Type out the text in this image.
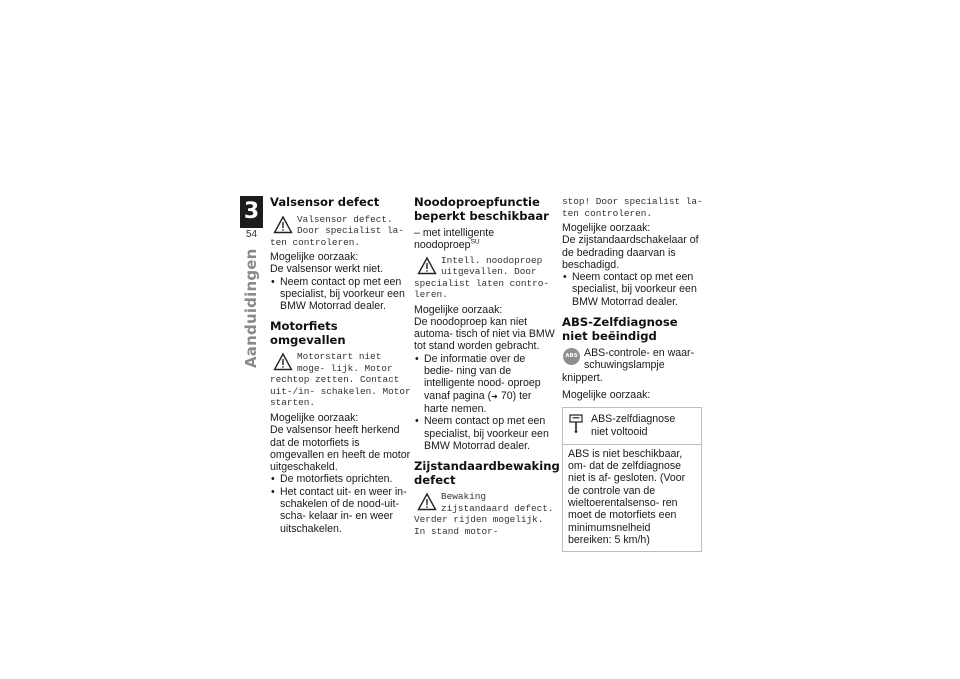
3
54
Aanduidingen
Valsensor defect
Valsensor defect. Door specialist la- ten controleren.

Mogelijke oorzaak:

De valsensor werkt niet.

• Neem contact op met een specialist, bij voorkeur een BMW Motorrad dealer.
Motorfiets omgevallen
Motorstart niet moge- lijk. Motor rechtop zetten. Contact uit-/in- schakelen. Motor starten.

Mogelijke oorzaak:

De valsensor heeft herkend dat de motorfiets is omgevallen en heeft de motor uitgeschakeld.

• De motorfiets oprichten.
• Het contact uit- en weer in- schakelen of de nood-uit-scha- kelaar in- en weer uitschakelen.
Noodoproepfunctie beperkt beschikbaar

– met intelligente noodoproep$^{SU}$

Intell. noodoproep uitgevallen. Door specialist laten contro- leren.

Mogelijke oorzaak:

De noodoproep kan niet automa- tisch of niet via BMW tot stand worden gebracht.

• De informatie over de bedie- ning van de intelligente nood- oproep vanaf pagina (➜ 70) ter harte nemen.
• Neem contact op met een specialist, bij voorkeur een BMW Motorrad dealer.
Zijstandaardbewaking defect
Bewaking zijstandaard defect. Verder rijden mogelijk. In stand motor-
stop! Door specialist la- ten controleren.

Mogelijke oorzaak:

De zijstandaardschakelaar of de bedrading daarvan is beschadigd.

• Neem contact op met een specialist, bij voorkeur een BMW Motorrad dealer.
ABS-Zelfdiagnose niet beëindigd
ABS ABS-controle- en waar- schuwingslampje knippert.

Mogelijke oorzaak:

ABS-zelfdiagnose niet voltooid
ABS is niet beschikbaar, om- dat de zelfdiagnose niet is af- gesloten. (Voor de controle van de wieltoerentalsenso- ren moet de motorfiets een minimumsnelheid bereiken: 5 km/h)
